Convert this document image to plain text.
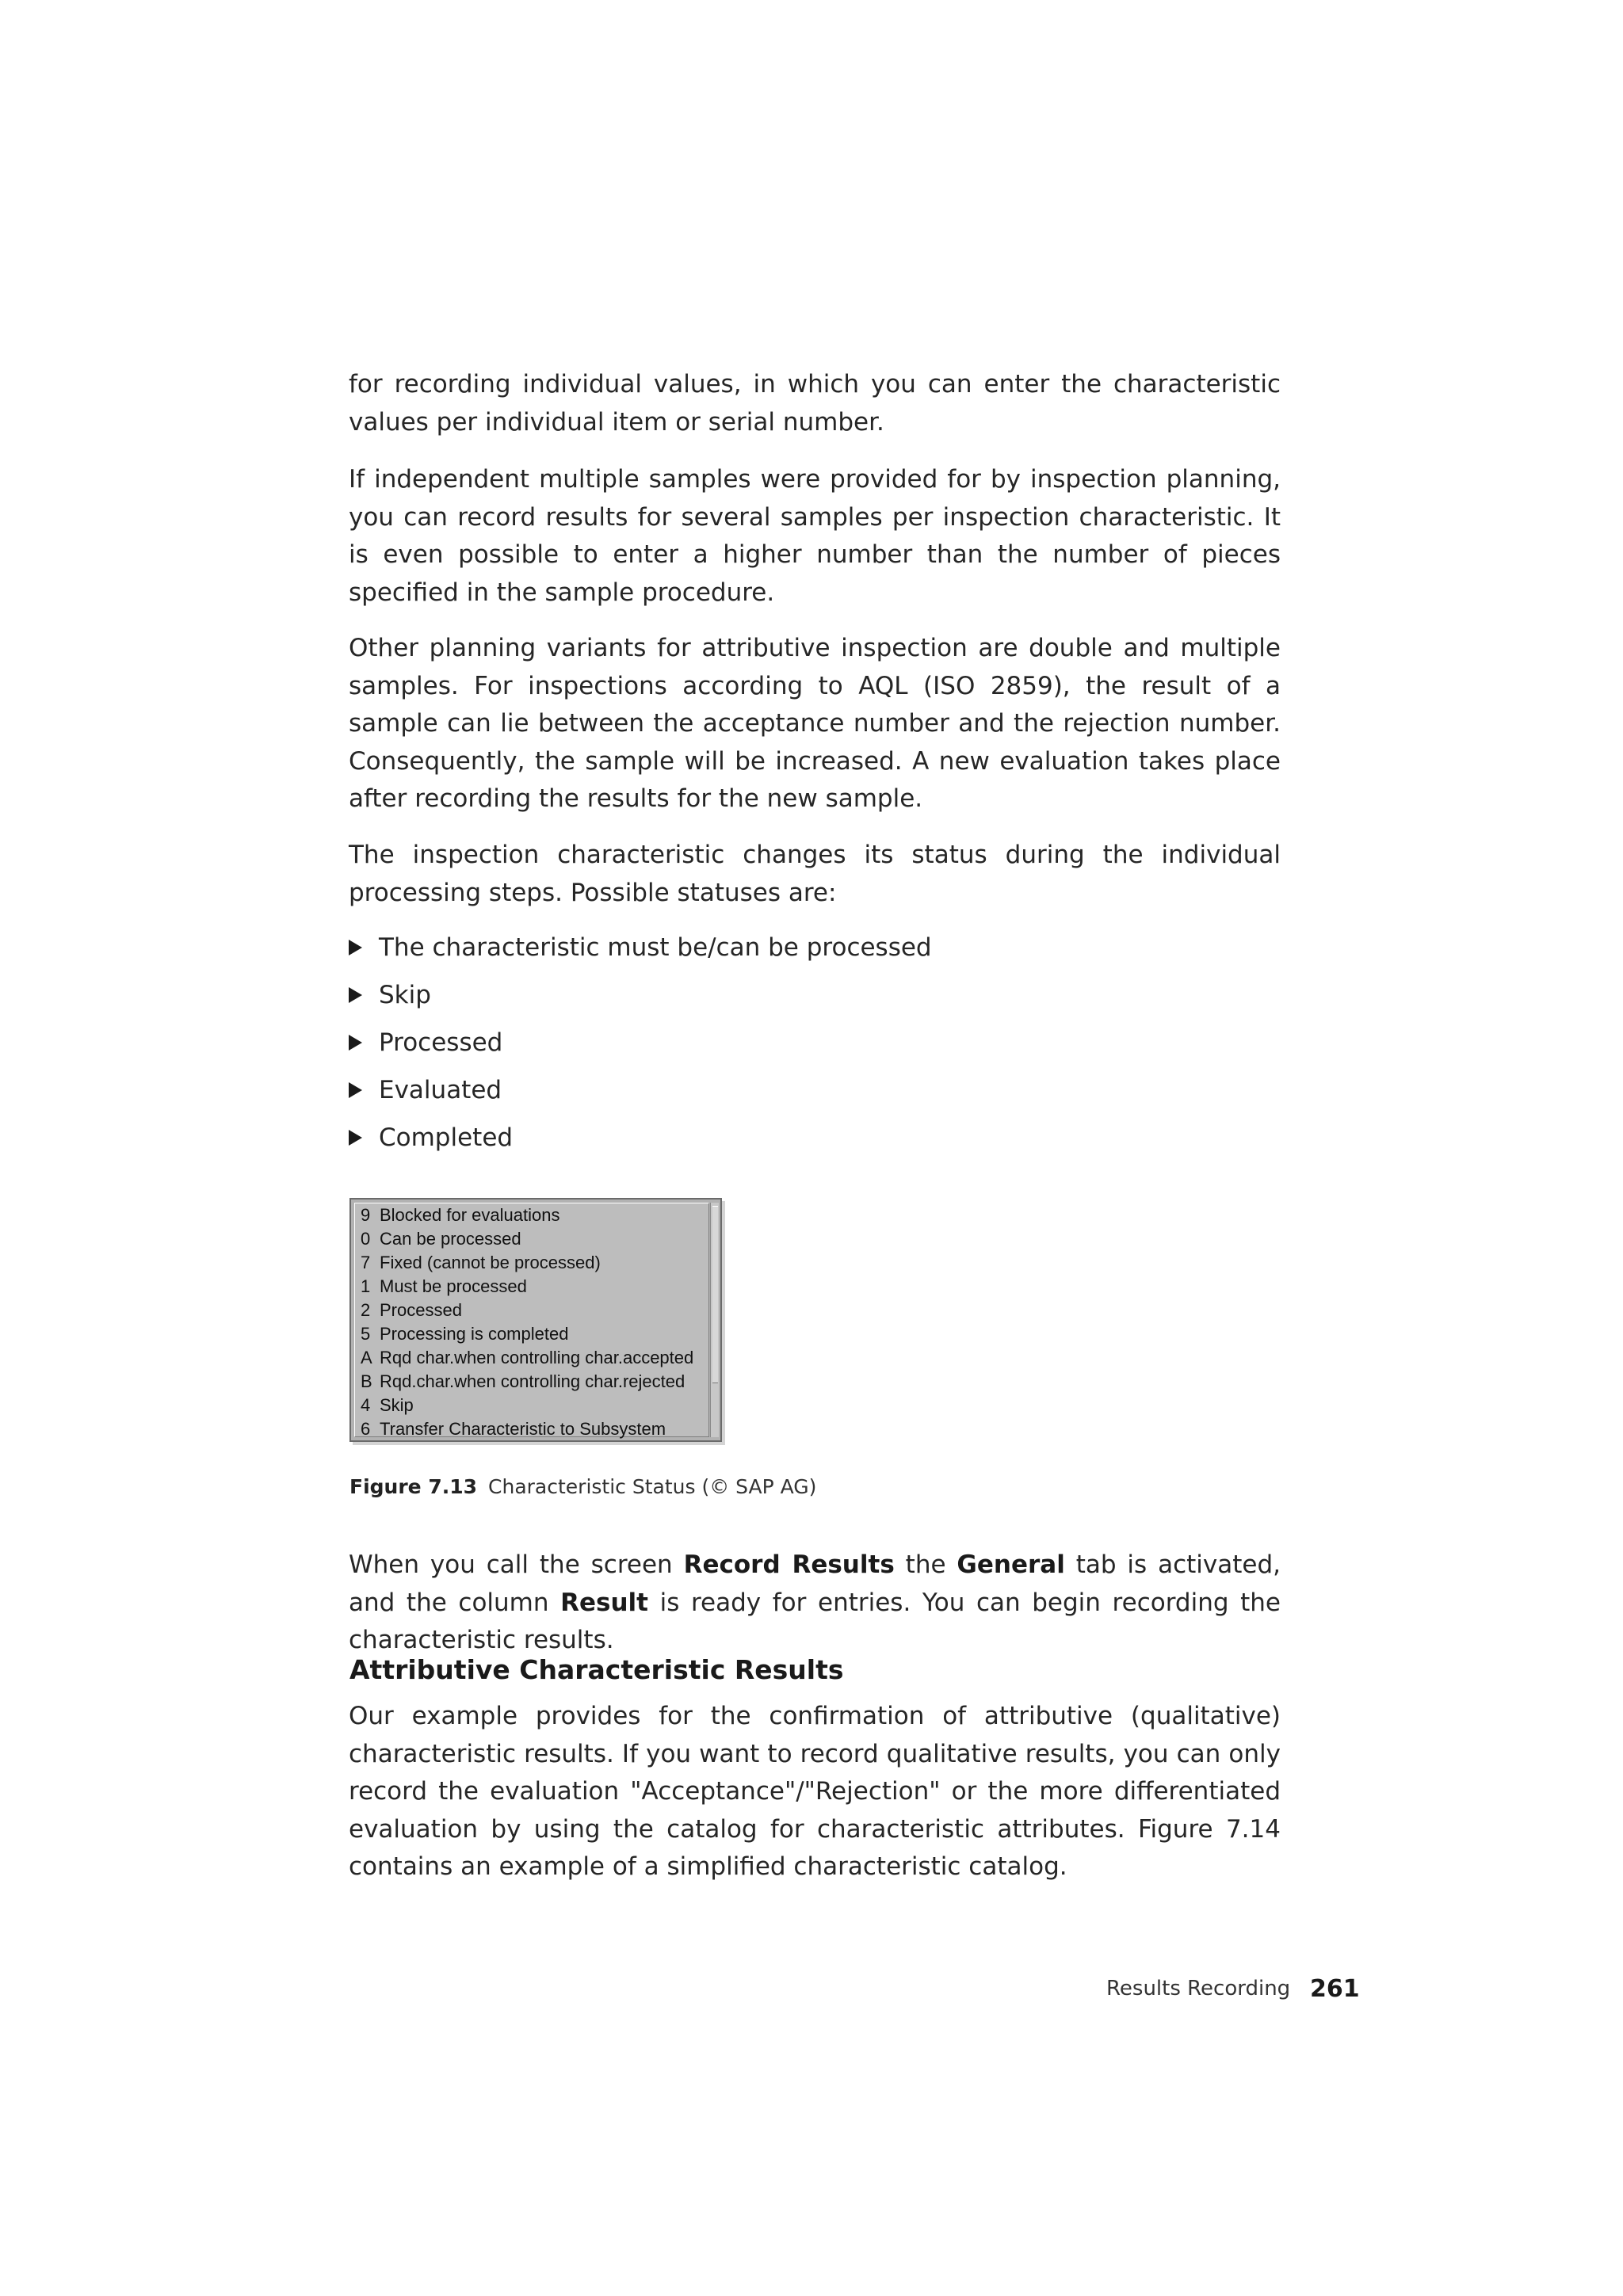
for recording individual values, in which you can enter the characteristic values per individual item or serial number.

If independent multiple samples were provided for by inspection planning, you can record results for several samples per inspection characteristic. It is even possible to enter a higher number than the number of pieces specified in the sample procedure.

Other planning variants for attributive inspection are double and multiple samples. For inspections according to AQL (ISO 2859), the result of a sample can lie between the acceptance number and the rejection number. Consequently, the sample will be increased. A new evaluation takes place after recording the results for the new sample.

The inspection characteristic changes its status during the individual processing steps. Possible statuses are:

The characteristic must be/can be processed
Skip
Processed
Evaluated
Completed
9 Blocked for evaluations
0 Can be processed
7 Fixed (cannot be processed)
1 Must be processed
2 Processed
5 Processing is completed
A Rqd char.when controlling char.accepted
B Rqd.char.when controlling char.rejected
4 Skip
6 Transfer Characteristic to Subsystem
Figure 7.13 Characteristic Status (© SAP AG)

When you call the screen Record Results the General tab is activated, and the column Result is ready for entries. You can begin recording the characteristic results.

Attributive Characteristic Results

Our example provides for the confirmation of attributive (qualitative) characteristic results. If you want to record qualitative results, you can only record the evaluation "Acceptance"/"Rejection" or the more differentiated evaluation by using the catalog for characteristic attributes. Figure 7.14 contains an example of a simplified characteristic catalog.

Results Recording 261
